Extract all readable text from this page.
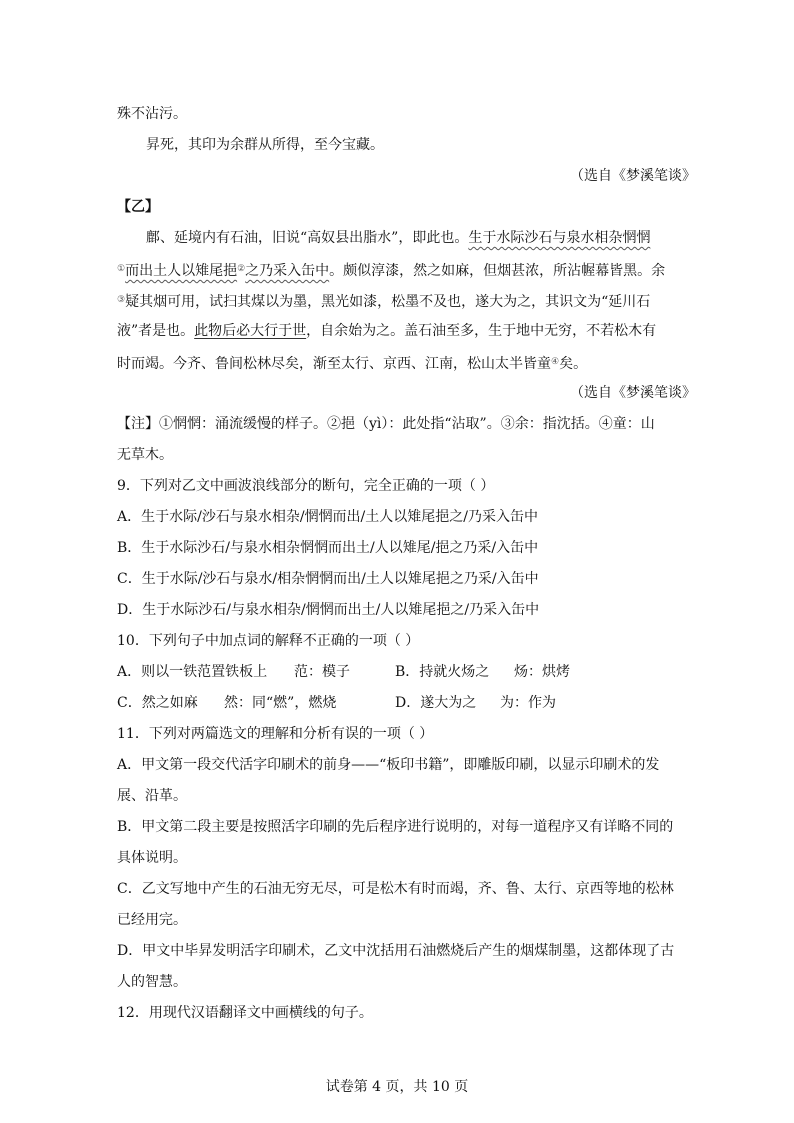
殊不沾污。
昇死，其印为余群从所得，至今宝藏。
（选自《梦溪笔谈》
【乙】
鄜、延境内有石油，旧说“高奴县出脂水”，即此也。生于水际沙石与泉水相杂惘惘
①而出土人以雉尾挹②之乃采入缶中。颇似淳漆，然之如麻，但烟甚浓，所沾幄幕皆黑。余
③疑其烟可用，试扫其煤以为墨，黑光如漆，松墨不及也，遂大为之，其识文为“延川石
液”者是也。此物后必大行于世，自余始为之。盖石油至多，生于地中无穷，不若松木有
时而竭。今齐、鲁间松林尽矣，渐至太行、京西、江南，松山太半皆童④矣。
（选自《梦溪笔谈》
【注】①惘惘：涌流缓慢的样子。②挹（yì）：此处指“沾取”。③余：指沈括。④童：山
无草木。
9．下列对乙文中画波浪线部分的断句，完全正确的一项（ ）
A．生于水际/沙石与泉水相杂/惘惘而出/土人以雉尾挹之/乃采入缶中
B．生于水际沙石/与泉水相杂惘惘而出土/人以雉尾/挹之乃采/入缶中
C．生于水际/沙石与泉水/相杂惘惘而出/土人以雉尾挹之乃采/入缶中
D．生于水际沙石/与泉水相杂/惘惘而出土/人以雉尾挹之/乃采入缶中
10．下列句子中加点词的解释不正确的一项（ ）
A．则以一铁范置铁板上 范：模子	B．持就火炀之 炀：烘烤
C．然之如麻 然：同“燃”，燃烧	D．遂大为之 为：作为
11．下列对两篇选文的理解和分析有误的一项（ ）
A．甲文第一段交代活字印刷术的前身——“板印书籍”，即雕版印刷，以显示印刷术的发
展、沿革。
B．甲文第二段主要是按照活字印刷的先后程序进行说明的，对每一道程序又有详略不同的
具体说明。
C．乙文写地中产生的石油无穷无尽，可是松木有时而竭，齐、鲁、太行、京西等地的松林
已经用完。
D．甲文中毕昇发明活字印刷术，乙文中沈括用石油燃烧后产生的烟煤制墨，这都体现了古
人的智慧。
12．用现代汉语翻译文中画横线的句子。
试卷第 4 页，共 10 页
